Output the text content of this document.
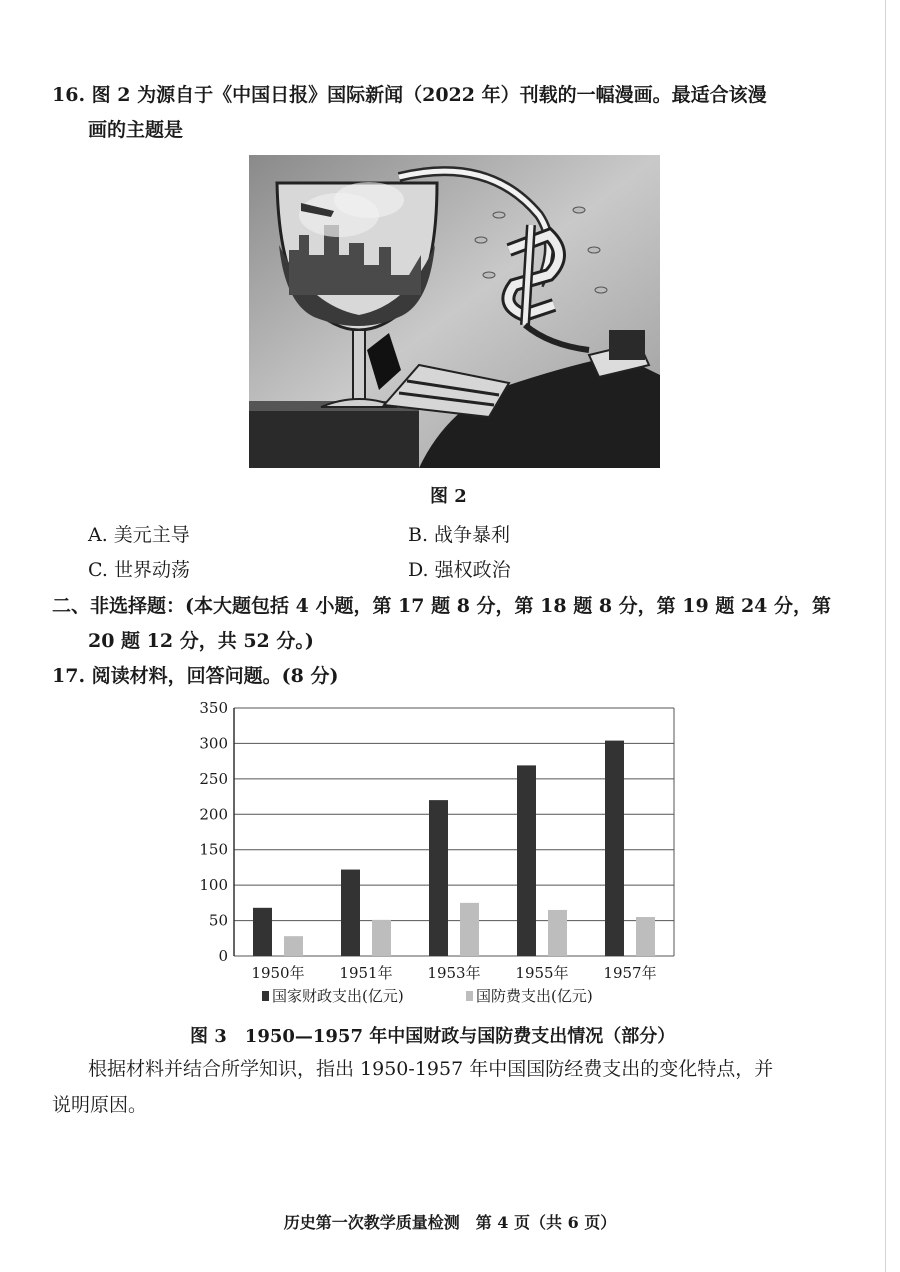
16. 图 2 为源自于《中国日报》国际新闻（2022 年）刊载的一幅漫画。最适合该漫
画的主题是
图 2
A. 美元主导	B. 战争暴利
C. 世界动荡	D. 强权政治
二、非选择题：(本大题包括 4 小题，第 17 题 8 分，第 18 题 8 分，第 19 题 24 分，第
20 题 12 分，共 52 分。)
17. 阅读材料，回答问题。(8 分)
0
50
100
150
200
250
300
350
1950年 1951年 1953年 1955年 1957年
国家财政支出(亿元)	国防费支出(亿元)
图 3　1950—1957 年中国财政与国防费支出情况（部分）
根据材料并结合所学知识，指出 1950-1957 年中国国防经费支出的变化特点，并
说明原因。
历史第一次教学质量检测　第 4 页（共 6 页）
